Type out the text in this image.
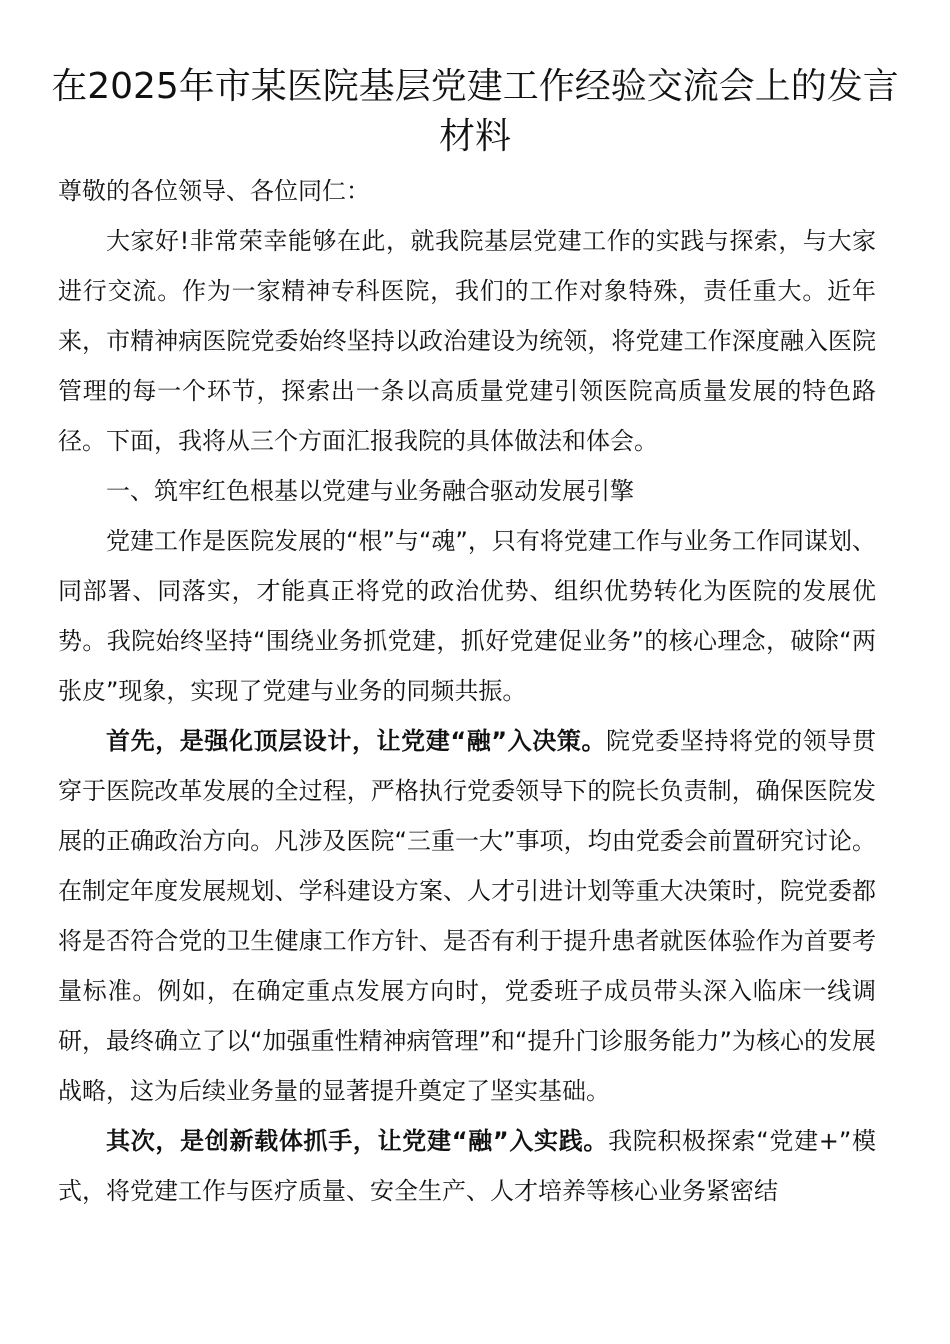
在2025年市某医院基层党建工作经验交流会上的发言材料

尊敬的各位领导、各位同仁：

大家好!非常荣幸能够在此，就我院基层党建工作的实践与探索，与大家进行交流。作为一家精神专科医院，我们的工作对象特殊，责任重大。近年来，市精神病医院党委始终坚持以政治建设为统领，将党建工作深度融入医院管理的每一个环节，探索出一条以高质量党建引领医院高质量发展的特色路径。下面，我将从三个方面汇报我院的具体做法和体会。

一、筑牢红色根基以党建与业务融合驱动发展引擎

党建工作是医院发展的“根”与“魂”，只有将党建工作与业务工作同谋划、同部署、同落实，才能真正将党的政治优势、组织优势转化为医院的发展优势。我院始终坚持“围绕业务抓党建，抓好党建促业务”的核心理念，破除“两张皮”现象，实现了党建与业务的同频共振。

首先，是强化顶层设计，让党建“融”入决策。院党委坚持将党的领导贯穿于医院改革发展的全过程，严格执行党委领导下的院长负责制，确保医院发展的正确政治方向。凡涉及医院“三重一大”事项，均由党委会前置研究讨论。在制定年度发展规划、学科建设方案、人才引进计划等重大决策时，院党委都将是否符合党的卫生健康工作方针、是否有利于提升患者就医体验作为首要考量标准。例如，在确定重点发展方向时，党委班子成员带头深入临床一线调研，最终确立了以“加强重性精神病管理”和“提升门诊服务能力”为核心的发展战略，这为后续业务量的显著提升奠定了坚实基础。

其次，是创新载体抓手，让党建“融”入实践。我院积极探索“党建+”模式，将党建工作与医疗质量、安全生产、人才培养等核心业务紧密结
